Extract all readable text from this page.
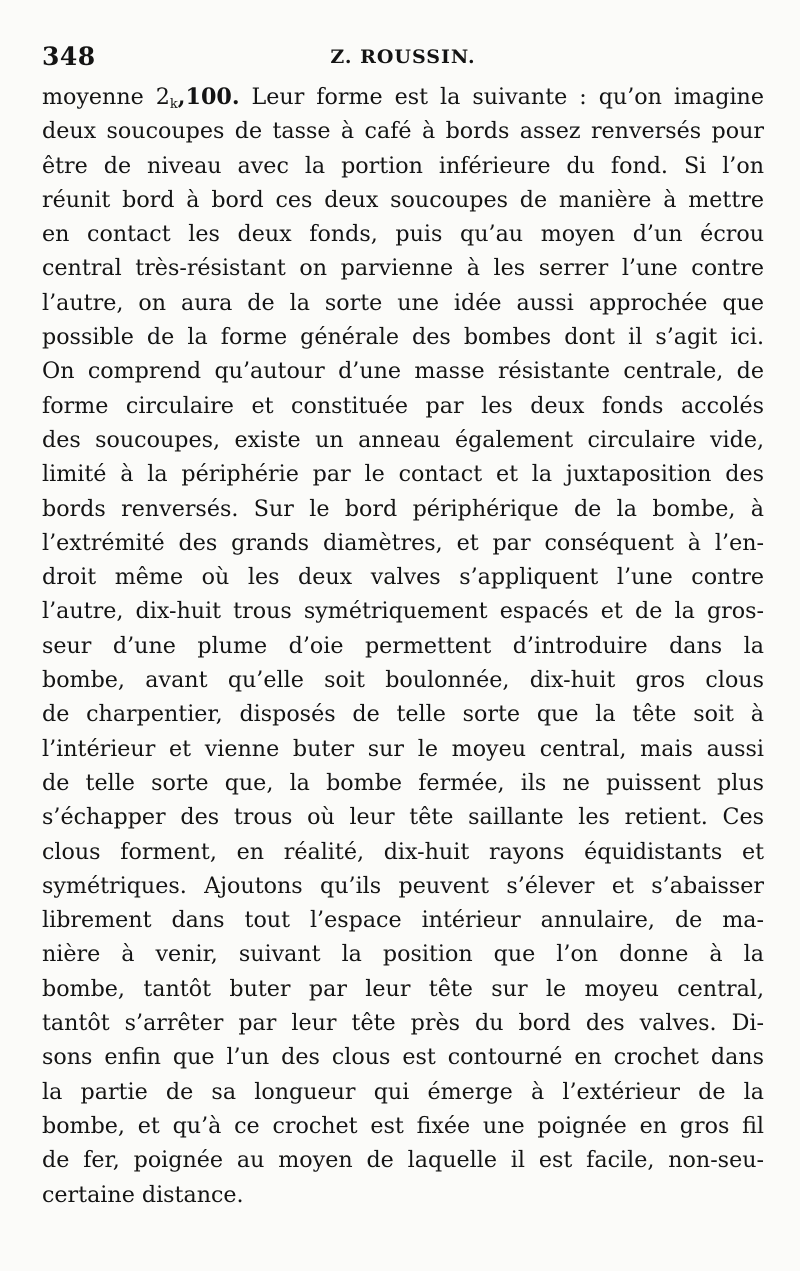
348	Z. ROUSSIN.
moyenne $2_k,100$. Leur forme est la suivante : qu’on imagine
deux soucoupes de tasse à café à bords assez renversés pour
être de niveau avec la portion inférieure du fond. Si l’on
réunit bord à bord ces deux soucoupes de manière à mettre
en contact les deux fonds, puis qu’au moyen d’un écrou
central très-résistant on parvienne à les serrer l’une contre
l’autre, on aura de la sorte une idée aussi approchée que
possible de la forme générale des bombes dont il s’agit ici.
On comprend qu’autour d’une masse résistante centrale, de
forme circulaire et constituée par les deux fonds accolés
des soucoupes, existe un anneau également circulaire vide,
limité à la périphérie par le contact et la juxtaposition des
bords renversés. Sur le bord périphérique de la bombe, à
l’extrémité des grands diamètres, et par conséquent à l’en-
droit même où les deux valves s’appliquent l’une contre
l’autre, dix-huit trous symétriquement espacés et de la gros-
seur d’une plume d’oie permettent d’introduire dans la
bombe, avant qu’elle soit boulonnée, dix-huit gros clous
de charpentier, disposés de telle sorte que la tête soit à
l’intérieur et vienne buter sur le moyeu central, mais aussi
de telle sorte que, la bombe fermée, ils ne puissent plus
s’échapper des trous où leur tête saillante les retient. Ces
clous forment, en réalité, dix-huit rayons équidistants et
symétriques. Ajoutons qu’ils peuvent s’élever et s’abaisser
librement dans tout l’espace intérieur annulaire, de ma-
nière à venir, suivant la position que l’on donne à la
bombe, tantôt buter par leur tête sur le moyeu central,
tantôt s’arrêter par leur tête près du bord des valves. Di-
sons enfin que l’un des clous est contourné en crochet dans
la partie de sa longueur qui émerge à l’extérieur de la
bombe, et qu’à ce crochet est fixée une poignée en gros fil
de fer, poignée au moyen de laquelle il est facile, non-seu-
certaine distance.
